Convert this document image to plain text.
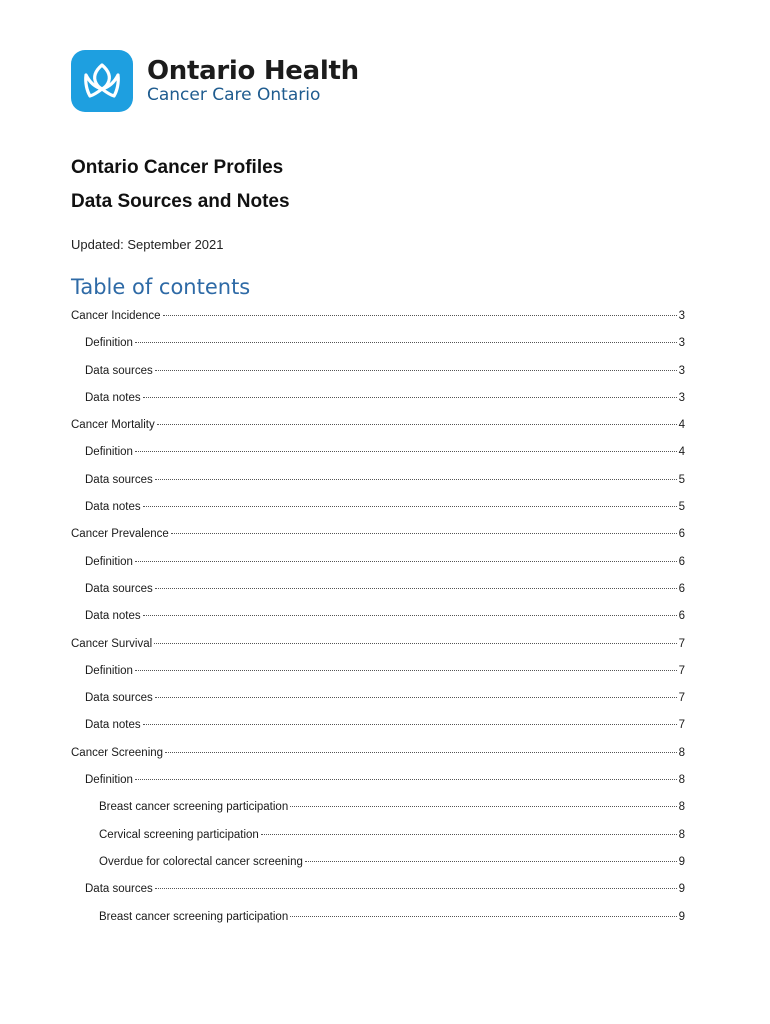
Ontario Health
Cancer Care Ontario
Ontario Cancer Profiles
Data Sources and Notes
Updated: September 2021
Table of contents
Cancer Incidence	3
Definition	3
Data sources	3
Data notes	3
Cancer Mortality	4
Definition	4
Data sources	5
Data notes	5
Cancer Prevalence	6
Definition	6
Data sources	6
Data notes	6
Cancer Survival	7
Definition	7
Data sources	7
Data notes	7
Cancer Screening	8
Definition	8
Breast cancer screening participation	8
Cervical screening participation	8
Overdue for colorectal cancer screening	9
Data sources	9
Breast cancer screening participation	9
